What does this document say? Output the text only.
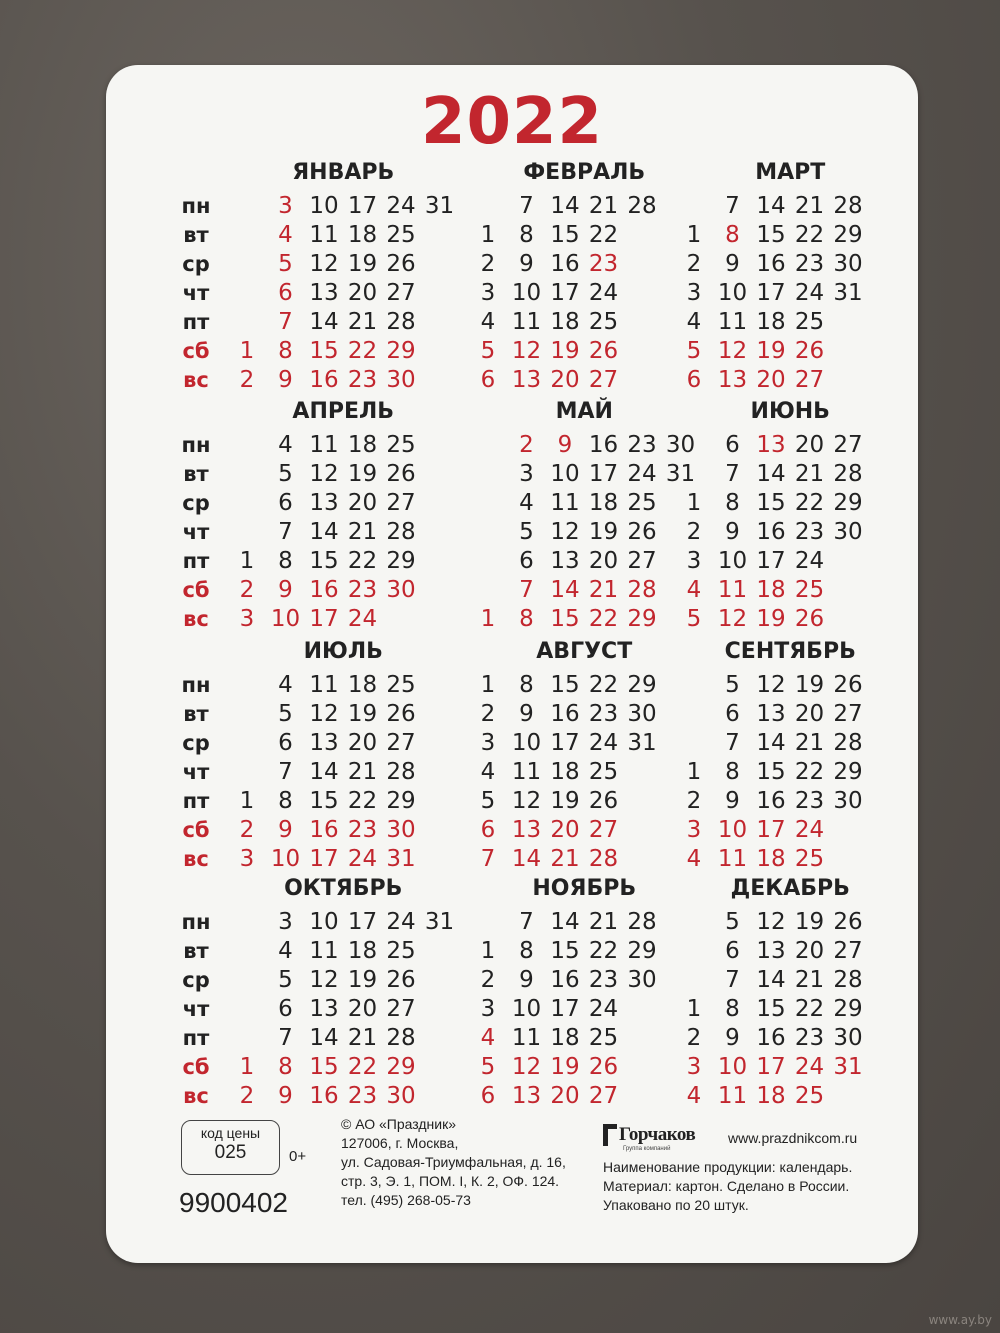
2022
код цены
025	0+
9900402
© АО «Праздник»
127006, г. Москва,
ул. Садовая-Триумфальная, д. 16,
стр. 3, Э. 1, ПОМ. I, К. 2, ОФ. 124.
тел. (495) 268-05-73
Горчаков
Группа компаний
www.prazdnikcom.ru
Наименование продукции: календарь.
Материал: картон. Сделано в России.
Упаковано по 20 штук.
пн
вт
ср
чт
пт
сб
вс
ЯНВАРЬ
1
2
3
4
5
6
7
8
9
10
11
12
13
14
15
16
17
18
19
20
21
22
23
24
25
26
27
28
29
30
31
ФЕВРАЛЬ
1
2
3
4
5
6
7
8
9
10
11
12
13
14
15
16
17
18
19
20
21
22
23
24
25
26
27
28
МАРТ
1
2
3
4
5
6
7
8
9
10
11
12
13
14
15
16
17
18
19
20
21
22
23
24
25
26
27
28
29
30
31
пн
вт
ср
чт
пт
сб
вс
АПРЕЛЬ
1
2
3
4
5
6
7
8
9
10
11
12
13
14
15
16
17
18
19
20
21
22
23
24
25
26
27
28
29
30
МАЙ
1
2
3
4
5
6
7
8
9
10
11
12
13
14
15
16
17
18
19
20
21
22
23
24
25
26
27
28
29
30
31
ИЮНЬ
1
2
3
4
5
6
7
8
9
10
11
12
13
14
15
16
17
18
19
20
21
22
23
24
25
26
27
28
29
30
пн
вт
ср
чт
пт
сб
вс
ИЮЛЬ
1
2
3
4
5
6
7
8
9
10
11
12
13
14
15
16
17
18
19
20
21
22
23
24
25
26
27
28
29
30
31
АВГУСТ
1
2
3
4
5
6
7
8
9
10
11
12
13
14
15
16
17
18
19
20
21
22
23
24
25
26
27
28
29
30
31
СЕНТЯБРЬ
1
2
3
4
5
6
7
8
9
10
11
12
13
14
15
16
17
18
19
20
21
22
23
24
25
26
27
28
29
30
пн
вт
ср
чт
пт
сб
вс
ОКТЯБРЬ
1
2
3
4
5
6
7
8
9
10
11
12
13
14
15
16
17
18
19
20
21
22
23
24
25
26
27
28
29
30
31
НОЯБРЬ
1
2
3
4
5
6
7
8
9
10
11
12
13
14
15
16
17
18
19
20
21
22
23
24
25
26
27
28
29
30
ДЕКАБРЬ
1
2
3
4
5
6
7
8
9
10
11
12
13
14
15
16
17
18
19
20
21
22
23
24
25
26
27
28
29
30
31
www.ay.by
